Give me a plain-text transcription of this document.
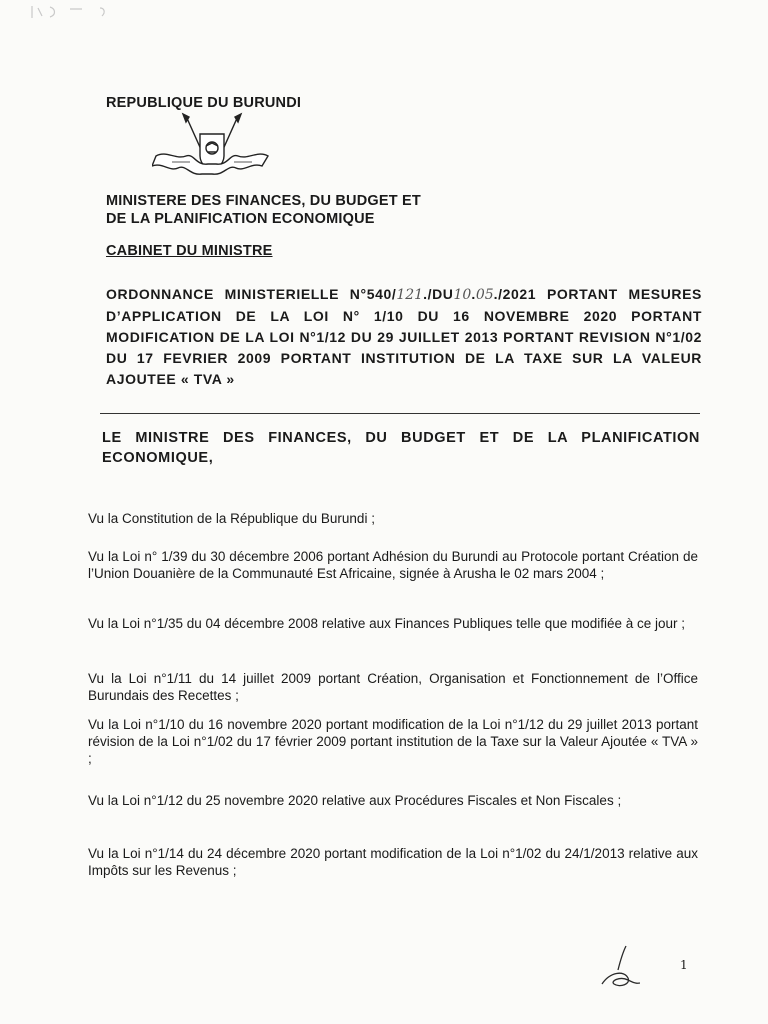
REPUBLIQUE DU BURUNDI
MINISTERE DES FINANCES, DU BUDGET ET
DE LA PLANIFICATION ECONOMIQUE
CABINET DU MINISTRE
ORDONNANCE MINISTERIELLE N°540/121./DU10.05./2021 PORTANT MESURES D’APPLICATION DE LA LOI N° 1/10 DU 16 NOVEMBRE 2020 PORTANT MODIFICATION DE LA LOI N°1/12 DU 29 JUILLET 2013 PORTANT REVISION N°1/02 DU 17 FEVRIER 2009 PORTANT INSTITUTION DE LA TAXE SUR LA VALEUR AJOUTEE « TVA »
LE MINISTRE DES FINANCES, DU BUDGET ET DE LA PLANIFICATION ECONOMIQUE,
Vu la Constitution de la République du Burundi ;
Vu la Loi n° 1/39 du 30 décembre 2006 portant Adhésion du Burundi au Protocole portant Création de l’Union Douanière de la Communauté Est Africaine, signée à Arusha le 02 mars 2004 ;
Vu la Loi n°1/35 du 04 décembre 2008 relative aux Finances Publiques telle que modifiée à ce jour ;
Vu la Loi n°1/11 du 14 juillet 2009 portant Création, Organisation et Fonctionnement de l’Office Burundais des Recettes ;
Vu la Loi n°1/10 du 16 novembre 2020 portant modification de la Loi n°1/12 du 29 juillet 2013 portant révision de la Loi n°1/02 du 17 février 2009 portant institution de la Taxe sur la Valeur Ajoutée « TVA » ;
Vu la Loi n°1/12 du 25 novembre 2020 relative aux Procédures Fiscales et Non Fiscales ;
Vu la Loi n°1/14 du 24 décembre 2020 portant modification de la Loi n°1/02 du 24/1/2013 relative aux Impôts sur les Revenus ;
1
